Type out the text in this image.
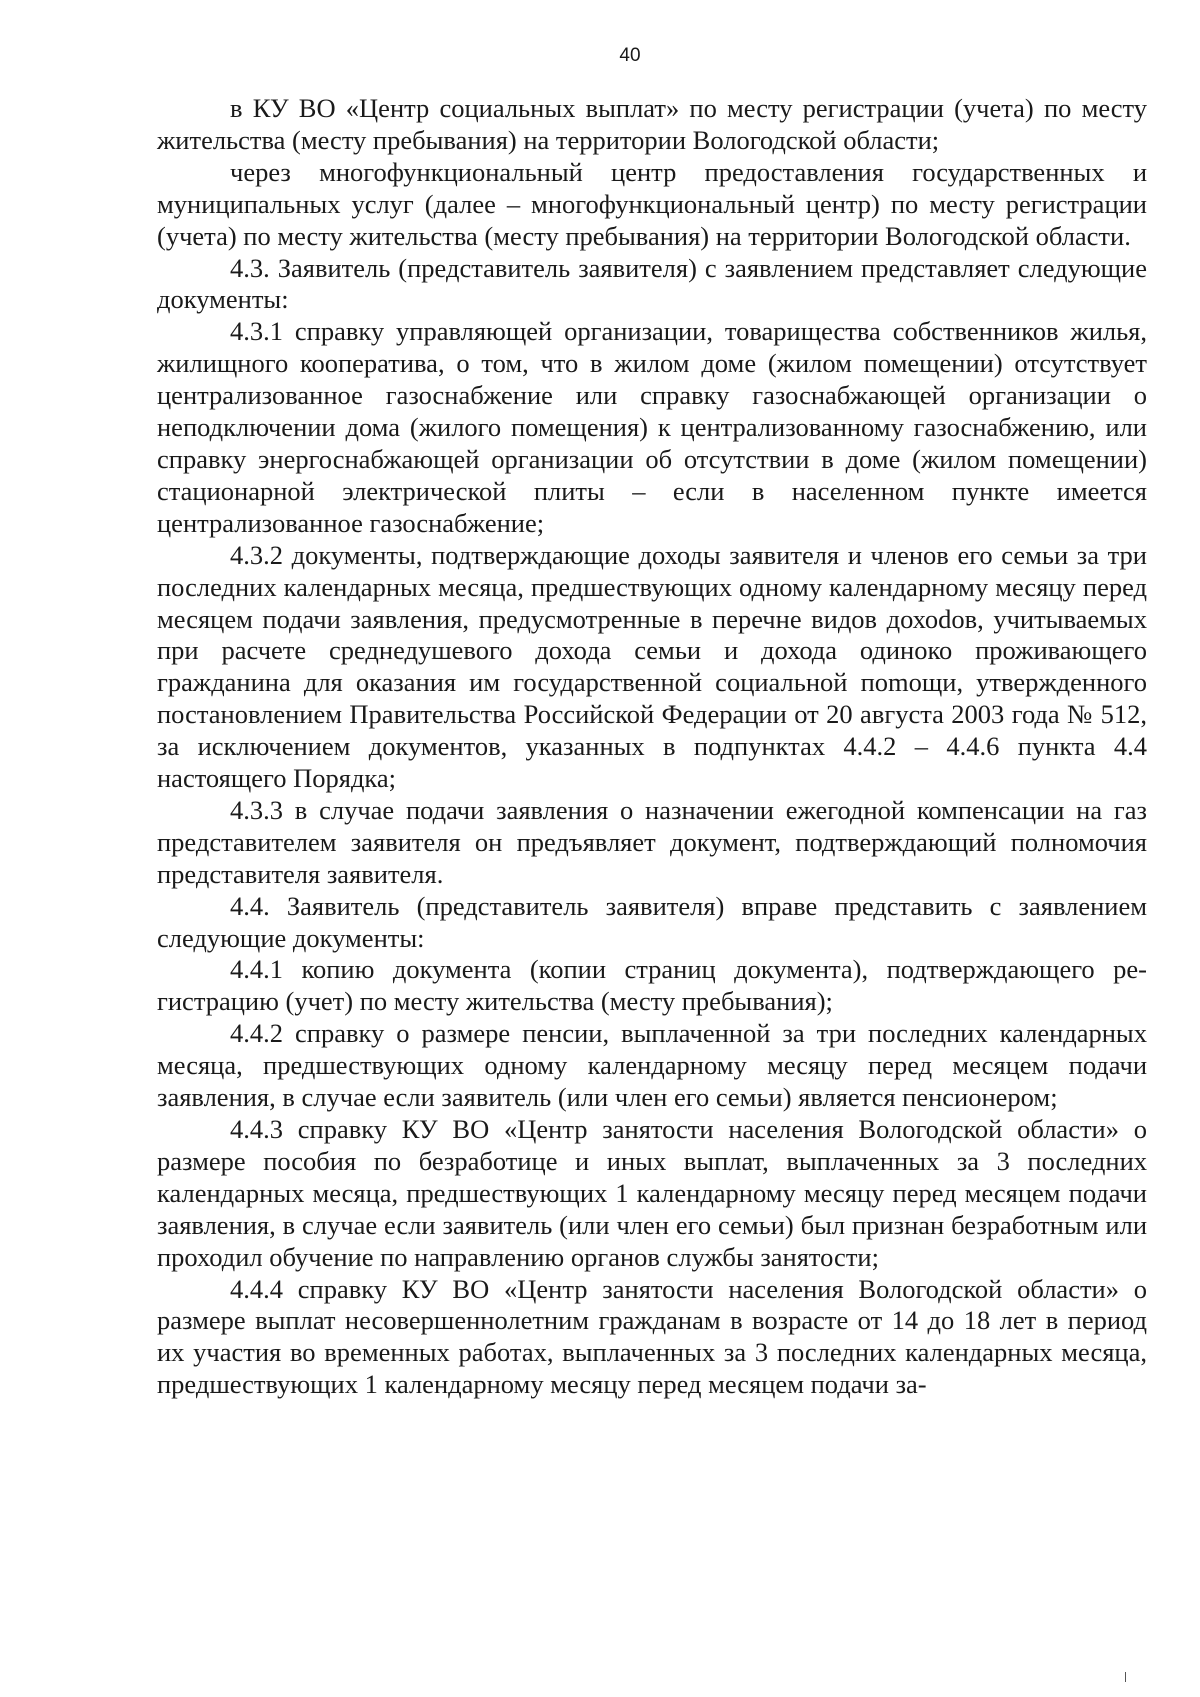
40

в КУ ВО «Центр социальных выплат» по месту регистрации (учета) по месту жительства (месту пребывания) на территории Вологодской области;

через многофункциональный центр предоставления государственных и муниципальных услуг (далее – многофункциональный центр) по месту регистрации (учета) по месту жительства (месту пребывания) на территории Вологодской области.

4.3. Заявитель (представитель заявителя) с заявлением представляет следующие документы:

4.3.1 справку управляющей организации, товарищества собственников жилья, жилищного кооператива, о том, что в жилом доме (жилом помещении) отсутствует централизованное газоснабжение или справку газоснабжающей организации о неподключении дома (жилого помещения) к централизованному газоснабжению, или справку энергоснабжающей организации об отсутствии в доме (жилом помещении) стационарной электрической плиты – если в населенном пункте имеется централизованное газоснабжение;

4.3.2 документы, подтверждающие доходы заявителя и членов его семьи за три последних календарных месяца, предшествующих одному календарному месяцу перед месяцем подачи заявления, предусмотренные в перечне видов дохоdов, учитываемых при расчете среднедушевого дохода семьи и дохода одиноко проживающего гражданина для оказания им государственной социальной поmощи, утвержденного постановлением Правительства Российской Федерации от 20 августа 2003 года № 512, за исключением документов, указанных в подпунктах 4.4.2 – 4.4.6 пункта 4.4 настоящего Порядка;

4.3.3 в случае подачи заявления о назначении ежегодной компенсации на газ представителем заявителя он предъявляет документ, подтверждающий полномочия представителя заявителя.

4.4. Заявитель (представитель заявителя) вправе представить с заявлением следующие документы:

4.4.1 копию документа (копии страниц документа), подтверждающего регистрацию (учет) по месту жительства (месту пребывания);

4.4.2 справку о размере пенсии, выплаченной за три последних календарных месяца, предшествующих одному календарному месяцу перед месяцем подачи заявления, в случае если заявитель (или член его семьи) является пенсионером;

4.4.3 справку КУ ВО «Центр занятости населения Вологодской области» о размере пособия по безработице и иных выплат, выплаченных за 3 последних календарных месяца, предшествующих 1 календарному месяцу перед месяцем подачи заявления, в случае если заявитель (или член его семьи) был признан безработным или проходил обучение по направлению органов службы занятости;

4.4.4 справку КУ ВО «Центр занятости населения Вологодской области» о размере выплат несовершеннолетним гражданам в возрасте от 14 до 18 лет в период их участия во временных работах, выплаченных за 3 последних календарных месяца, предшествующих 1 календарному месяцу перед месяцем подачи за-
